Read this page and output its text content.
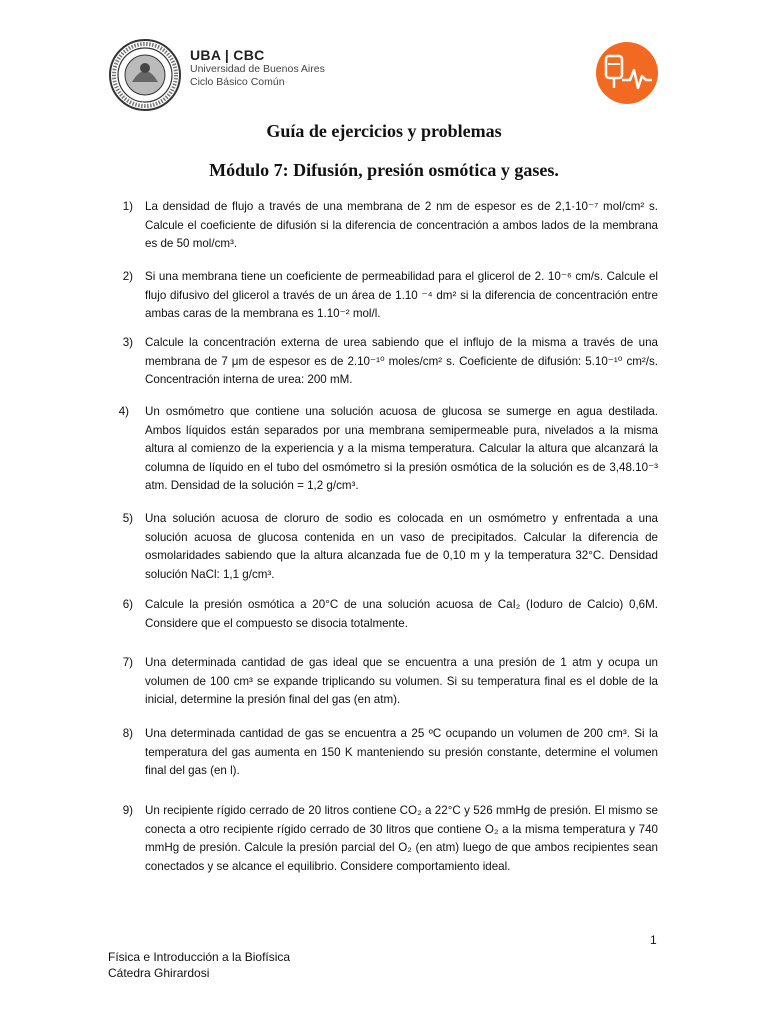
UBA | CBC
Universidad de Buenos Aires
Ciclo Básico Común
Guía de ejercicios y problemas
Módulo 7: Difusión, presión osmótica y gases.
1) La densidad de flujo a través de una membrana de 2 nm de espesor es de 2,1·10⁻⁷ mol/cm² s. Calcule el coeficiente de difusión si la diferencia de concentración a ambos lados de la membrana es de 50 mol/cm³.

2) Si una membrana tiene un coeficiente de permeabilidad para el glicerol de 2. 10⁻⁶ cm/s. Calcule el flujo difusivo del glicerol a través de un área de 1.10 ⁻⁴ dm² si la diferencia de concentración entre ambas caras de la membrana es 1.10⁻² mol/l.

3) Calcule la concentración externa de urea sabiendo que el influjo de la misma a través de una membrana de 7 μm de espesor es de 2.10⁻¹⁰ moles/cm² s. Coeficiente de difusión: 5.10⁻¹⁰ cm²/s. Concentración interna de urea: 200 mM.

4) Un osmómetro que contiene una solución acuosa de glucosa se sumerge en agua destilada. Ambos líquidos están separados por una membrana semipermeable pura, nivelados a la misma altura al comienzo de la experiencia y a la misma temperatura. Calcular la altura que alcanzará la columna de líquido en el tubo del osmómetro si la presión osmótica de la solución es de 3,48.10⁻³ atm. Densidad de la solución = 1,2 g/cm³.

5) Una solución acuosa de cloruro de sodio es colocada en un osmómetro y enfrentada a una solución acuosa de glucosa contenida en un vaso de precipitados. Calcular la diferencia de osmolaridades sabiendo que la altura alcanzada fue de 0,10 m y la temperatura 32°C. Densidad solución NaCl: 1,1 g/cm³.

6) Calcule la presión osmótica a 20°C de una solución acuosa de CaI₂ (Ioduro de Calcio) 0,6M. Considere que el compuesto se disocia totalmente.

7) Una determinada cantidad de gas ideal que se encuentra a una presión de 1 atm y ocupa un volumen de 100 cm³ se expande triplicando su volumen. Si su temperatura final es el doble de la inicial, determine la presión final del gas (en atm).

8) Una determinada cantidad de gas se encuentra a 25 ºC ocupando un volumen de 200 cm³. Si la temperatura del gas aumenta en 150 K manteniendo su presión constante, determine el volumen final del gas (en l).

9) Un recipiente rígido cerrado de 20 litros contiene CO₂ a 22°C y 526 mmHg de presión. El mismo se conecta a otro recipiente rígido cerrado de 30 litros que contiene O₂ a la misma temperatura y 740 mmHg de presión. Calcule la presión parcial del O₂ (en atm) luego de que ambos recipientes sean conectados y se alcance el equilibrio. Considere comportamiento ideal.

1
Física e Introducción a la Biofísica
Cátedra Ghirardosi
